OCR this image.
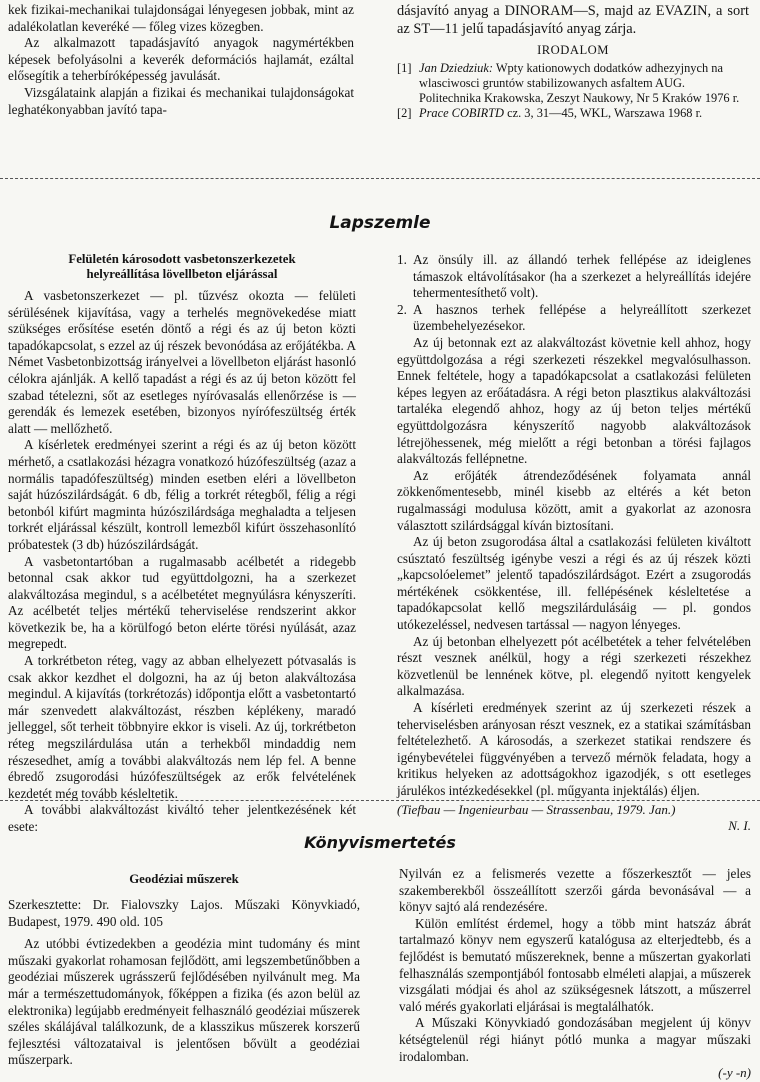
kek fizikai-mechanikai tulajdonságai lényegesen jobbak, mint az adalékolatlan keveréké — főleg vizes közegben.

Az alkalmazott tapadásjavító anyagok nagymértékben képesek befolyásolni a keverék deformációs hajlamát, ezáltal elősegítik a teherbíróképesség javulását.

Vizsgálataink alapján a fizikai és mechanikai tulajdonságokat leghatékonyabban javító tapa-

dásjavító anyag a DINORAM—S, majd az EVAZIN, a sort az ST—11 jelű tapadásjavító anyag zárja.

IRODALOM
[1] Jan Dziedziuk: Wpty kationowych dodatków adhezyjnych na wlasciwosci gruntów stabilizowanych asfaltem AUG. Politechnika Krakowska, Zeszyt Naukowy, Nr 5 Kraków 1976 r.
[2] Prace COBIRTD cz. 3, 31—45, WKL, Warszawa 1968 r.
Lapszemle
Felületén károsodott vasbetonszerkezetek
helyreállítása lövellbeton eljárással

A vasbetonszerkezet — pl. tűzvész okozta — felületi sérülésének kijavítása, vagy a terhelés megnövekedése miatt szükséges erősítése esetén döntő a régi és az új beton közti tapadókapcsolat, s ezzel az új részek bevonódása az erőjátékba. A Német Vasbetonbizottság irányelvei a lövellbeton eljárást hasonló célokra ajánlják. A kellő tapadást a régi és az új beton között fel szabad tételezni, sőt az esetleges nyíróvasalás ellenőrzése is — gerendák és lemezek esetében, bizonyos nyírófeszültség érték alatt — mellőzhető.

A kísérletek eredményei szerint a régi és az új beton között mérhető, a csatlakozási hézagra vonatkozó húzófeszültség (azaz a normális tapadófeszültség) minden esetben eléri a lövellbeton saját húzószilárdságát. 6 db, félig a torkrét rétegből, félig a régi betonból kifúrt magminta húzószilárdsága meghaladta a teljesen torkrét eljárással készült, kontroll lemezből kifúrt összehasonlító próbatestek (3 db) húzószilárdságát.

A vasbetontartóban a rugalmasabb acélbetét a ridegebb betonnal csak akkor tud együttdolgozni, ha a szerkezet alakváltozása megindul, s a acélbetétet megnyúlásra kényszeríti. Az acélbetét teljes mértékű teherviselése rendszerint akkor következik be, ha a körülfogó beton elérte törési nyúlását, azaz megrepedt.

A torkrétbeton réteg, vagy az abban elhelyezett pótvasalás is csak akkor kezdhet el dolgozni, ha az új beton alakváltozása megindul. A kijavítás (torkrétozás) időpontja előtt a vasbetontartó már szenvedett alakváltozást, részben képlékeny, maradó jelleggel, sőt terheit többnyire ekkor is viseli. Az új, torkrétbeton réteg megszilárdulása után a terhekből mindaddig nem részesedhet, amíg a további alakváltozás nem lép fel. A benne ébredő zsugorodási húzófeszültségek az erők felvételének kezdetét még tovább késleltetik.

A további alakváltozást kiváltó teher jelentkezésének két esete:

1. Az önsúly ill. az állandó terhek fellépése az ideiglenes támaszok eltávolításakor (ha a szerkezet a helyreállítás idejére tehermentesíthető volt).
2. A hasznos terhek fellépése a helyreállított szerkezet üzembehelyezésekor.

Az új betonnak ezt az alakváltozást követnie kell ahhoz, hogy együttdolgozása a régi szerkezeti részekkel megvalósulhasson. Ennek feltétele, hogy a tapadókapcsolat a csatlakozási felületen képes legyen az erőátadásra. A régi beton plasztikus alakváltozási tartaléka elegendő ahhoz, hogy az új beton teljes mértékű együttdolgozásra kényszerítő nagyobb alakváltozások létrejöhessenek, még mielőtt a régi betonban a törési fajlagos alakváltozás fellépnetne.

Az erőjáték átrendeződésének folyamata annál zökkenőmentesebb, minél kisebb az eltérés a két beton rugalmassági modulusa között, amit a gyakorlat az azonosra választott szilárdsággal kíván biztosítani.

Az új beton zsugorodása által a csatlakozási felületen kiváltott csúsztató feszültség igénybe veszi a régi és az új részek közti „kapcsolóelemet” jelentő tapadószilárdságot. Ezért a zsugorodás mértékének csökkentése, ill. fellépésének késleltetése a tapadókapcsolat kellő megszilárdulásáig — pl. gondos utókezeléssel, nedvesen tartással — nagyon lényeges.

Az új betonban elhelyezett pót acélbetétek a teher felvételében részt vesznek anélkül, hogy a régi szerkezeti részekhez közvetlenül be lennének kötve, pl. elegendő nyitott kengyelek alkalmazása.

A kísérleti eredmények szerint az új szerkezeti részek a teherviselésben arányosan részt vesznek, ez a statikai számításban feltételezhető. A károsodás, a szerkezet statikai rendszere és igénybevételei függvényében a tervező mérnök feladata, hogy a kritikus helyeken az adottságokhoz igazodjék, s ott esetleges járulékos intézkedésekkel (pl. műgyanta injektálás) éljen.

(Tiefbau — Ingenieurbau — Strassenbau, 1979. Jan.)
N. I.
Könyvismertetés
Geodéziai műszerek

Szerkesztette: Dr. Fialovszky Lajos. Műszaki Könyvkiadó, Budapest, 1979. 490 old. 105

Az utóbbi évtizedekben a geodézia mint tudomány és mint műszaki gyakorlat rohamosan fejlődött, ami legszembetűnőbben a geodéziai műszerek ugrásszerű fejlődésében nyilvánult meg. Ma már a természettudományok, főképpen a fizika (és azon belül az elektronika) legújabb eredményeit felhasználó geodéziai műszerek széles skálájával találkozunk, de a klasszikus műszerek korszerű fejlesztési változataival is jelentősen bővült a geodéziai műszerpark.

Nyilván ez a felismerés vezette a főszerkesztőt — jeles szakemberekből összeállított szerzői gárda bevonásával — a könyv sajtó alá rendezésére.

Külön említést érdemel, hogy a több mint hatszáz ábrát tartalmazó könyv nem egyszerű katalógusa az elterjedtebb, és a fejlődést is bemutató műszereknek, benne a műszertan gyakorlati felhasználás szempontjából fontosabb elméleti alapjai, a műszerek vizsgálati módjai és ahol az szükségesnek látszott, a műszerrel való mérés gyakorlati eljárásai is megtalálhatók.

A Műszaki Könyvkiadó gondozásában megjelent új könyv kétségtelenül régi hiányt pótló munka a magyar műszaki irodalomban.

(-y -n)
